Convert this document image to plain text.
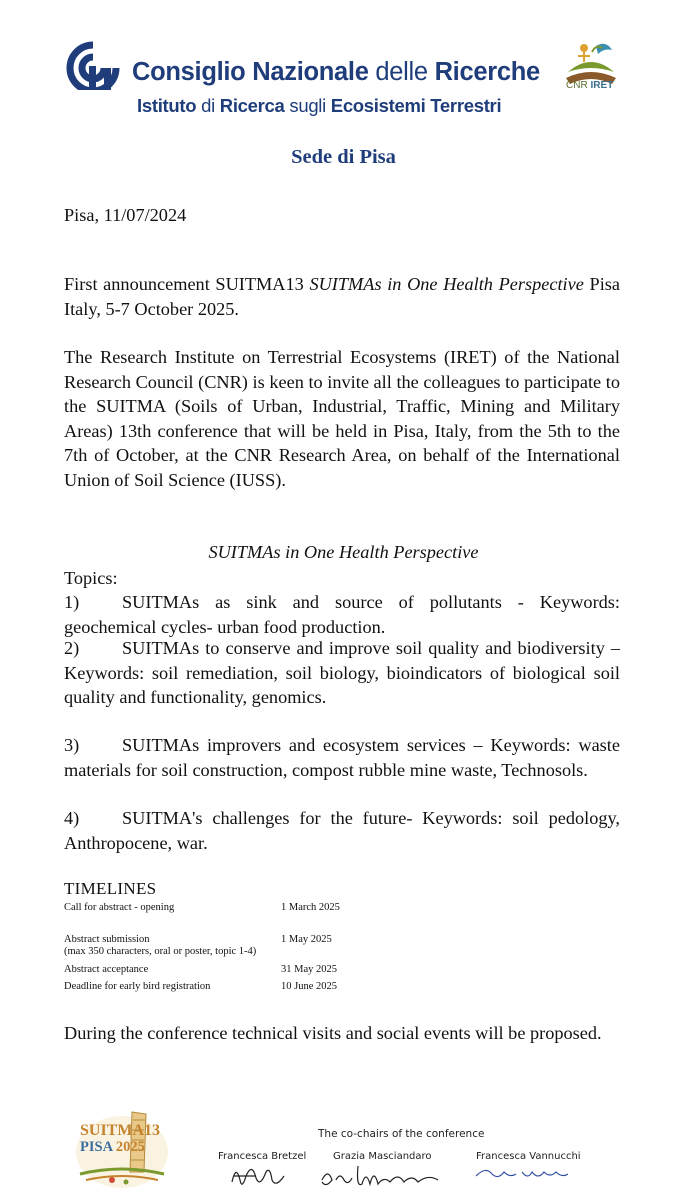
Consiglio Nazionale delle Ricerche
Istituto di Ricerca sugli Ecosistemi Terrestri
CNR IRET
Sede di Pisa
Pisa, 11/07/2024

First announcement SUITMA13 SUITMAs in One Health Perspective Pisa Italy, 5-7 October 2025.

The Research Institute on Terrestrial Ecosystems (IRET) of the National Research Council (CNR) is keen to invite all the colleagues to participate to the SUITMA (Soils of Urban, Industrial, Traffic, Mining and Military Areas) 13th conference that will be held in Pisa, Italy, from the 5th to the 7th of October, at the CNR Research Area, on behalf of the International Union of Soil Science (IUSS).

SUITMAs in One Health Perspective
Topics:

1) SUITMAs as sink and source of pollutants - Keywords: geochemical cycles- urban food production.

2) SUITMAs to conserve and improve soil quality and biodiversity – Keywords: soil remediation, soil biology, bioindicators of biological soil quality and functionality, genomics.

3) SUITMAs improvers and ecosystem services – Keywords: waste materials for soil construction, compost rubble mine waste, Technosols.

4) SUITMA's challenges for the future- Keywords: soil pedology, Anthropocene, war.

TIMELINES
Call for abstract - opening	1 March 2025
Abstract submission	1 May 2025
(max 350 characters, oral or poster, topic 1-4)
Abstract acceptance	31 May 2025
Deadline for early bird registration	10 June 2025

During the conference technical visits and social events will be proposed.

SUITMA13
PISA 2025
The co-chairs of the conference
Francesca Bretzel	Grazia Masciandaro	Francesca Vannucchi
